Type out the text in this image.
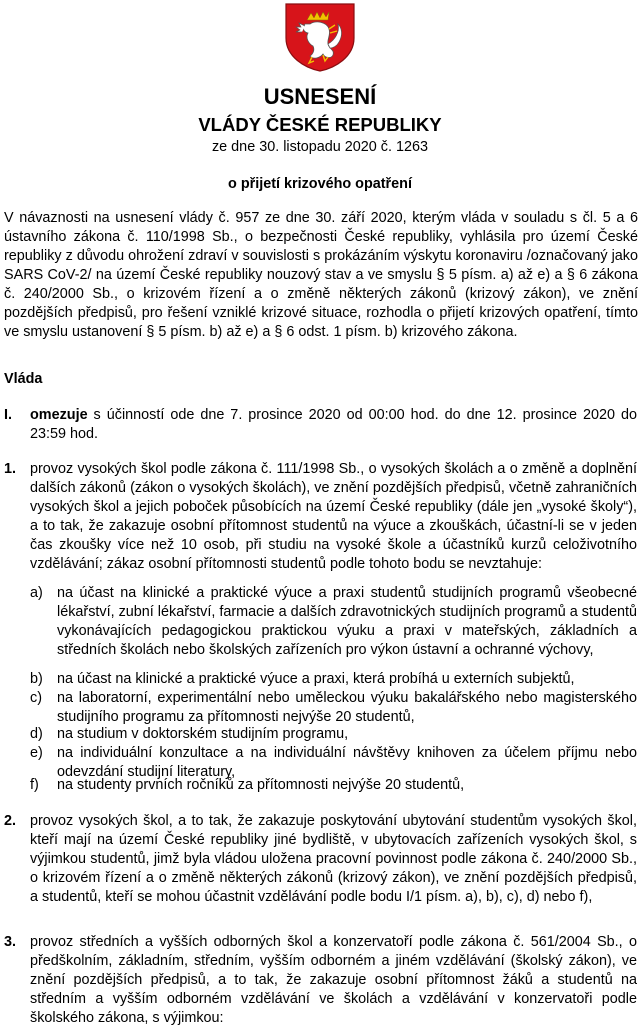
USNESENÍ
VLÁDY ČESKÉ REPUBLIKY
ze dne 30. listopadu 2020 č. 1263
o přijetí krizového opatření
V návaznosti na usnesení vlády č. 957 ze dne 30. září 2020, kterým vláda v souladu s čl. 5 a 6 ústavního zákona č. 110/1998 Sb., o bezpečnosti České republiky, vyhlásila pro území České republiky z důvodu ohrožení zdraví v souvislosti s prokázáním výskytu koronaviru /označovaný jako SARS CoV-2/ na území České republiky nouzový stav a ve smyslu § 5 písm. a) až e) a § 6 zákona č. 240/2000 Sb., o krizovém řízení a o změně některých zákonů (krizový zákon), ve znění pozdějších předpisů, pro řešení vzniklé krizové situace, rozhodla o přijetí krizových opatření, tímto ve smyslu ustanovení § 5 písm. b) až e) a § 6 odst. 1 písm. b) krizového zákona.
Vláda
I. omezuje s účinností ode dne 7. prosince 2020 od 00:00 hod. do dne 12. prosince 2020 do 23:59 hod.
1. provoz vysokých škol podle zákona č. 111/1998 Sb., o vysokých školách a o změně a doplnění dalších zákonů (zákon o vysokých školách), ve znění pozdějších předpisů, včetně zahraničních vysokých škol a jejich poboček působících na území České republiky (dále jen „vysoké školy“), a to tak, že zakazuje osobní přítomnost studentů na výuce a zkouškách, účastní-li se v jeden čas zkoušky více než 10 osob, při studiu na vysoké škole a účastníků kurzů celoživotního vzdělávání; zákaz osobní přítomnosti studentů podle tohoto bodu se nevztahuje:
a) na účast na klinické a praktické výuce a praxi studentů studijních programů všeobecné lékařství, zubní lékařství, farmacie a dalších zdravotnických studijních programů a studentů vykonávajících pedagogickou praktickou výuku a praxi v mateřských, základních a středních školách nebo školských zařízeních pro výkon ústavní a ochranné výchovy,
b) na účast na klinické a praktické výuce a praxi, která probíhá u externích subjektů,
c) na laboratorní, experimentální nebo uměleckou výuku bakalářského nebo magisterského studijního programu za přítomnosti nejvýše 20 studentů,
d) na studium v doktorském studijním programu,
e) na individuální konzultace a na individuální návštěvy knihoven za účelem příjmu nebo odevzdání studijní literatury,
f) na studenty prvních ročníků za přítomnosti nejvýše 20 studentů,
2. provoz vysokých škol, a to tak, že zakazuje poskytování ubytování studentům vysokých škol, kteří mají na území České republiky jiné bydliště, v ubytovacích zařízeních vysokých škol, s výjimkou studentů, jimž byla vládou uložena pracovní povinnost podle zákona č. 240/2000 Sb., o krizovém řízení a o změně některých zákonů (krizový zákon), ve znění pozdějších předpisů, a studentů, kteří se mohou účastnit vzdělávání podle bodu I/1 písm. a), b), c), d) nebo f),
3. provoz středních a vyšších odborných škol a konzervatoří podle zákona č. 561/2004 Sb., o předškolním, základním, středním, vyšším odborném a jiném vzdělávání (školský zákon), ve znění pozdějších předpisů, a to tak, že zakazuje osobní přítomnost žáků a studentů na středním a vyšším odborném vzdělávání ve školách a vzdělávání v konzervatoři podle školského zákona, s výjimkou:
